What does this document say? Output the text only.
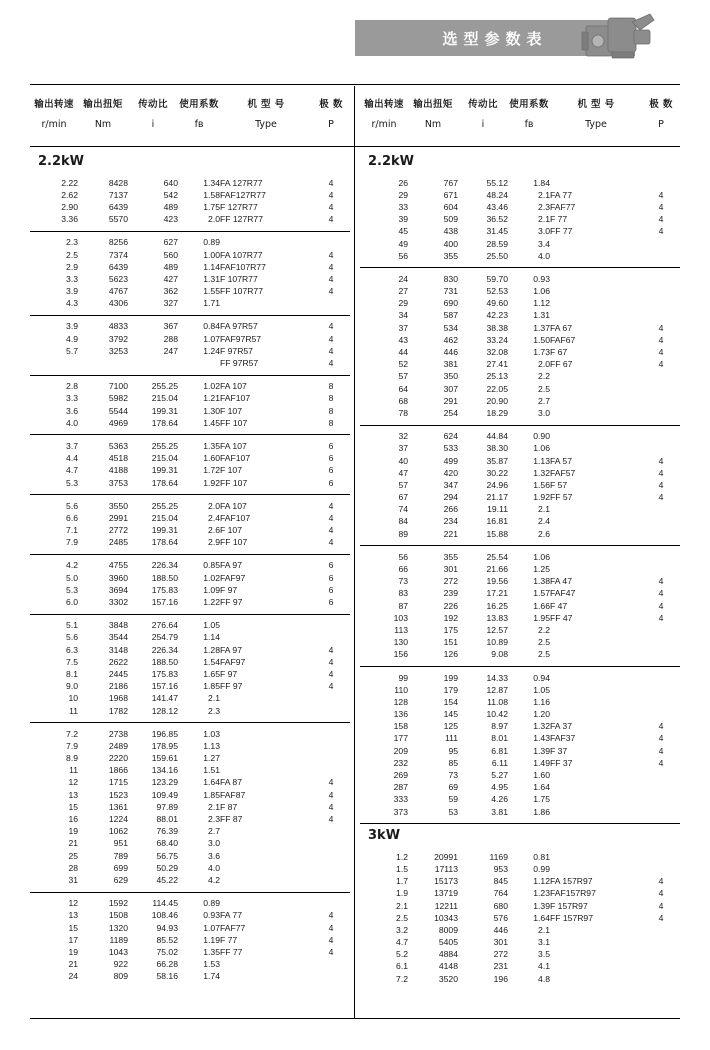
选型参数表
输出转速 输出扭矩	传动比	使用系数	机 型 号	极 数
r/min	Nm	i	fʙ	Type	P
输出转速 输出扭矩	传动比	使用系数	机 型 号	极 数
r/min	Nm	i	fʙ	Type	P
2.2kW
2.22	8428	640	1.34	FA 127R77	4
2.62	7137	542	1.58	FAF127R77	4
2.90	6439	489	1.75	F 127R77	4
3.36	5570	423	2.0	FF 127R77	4
2.3	8256	627	0.89		
2.5	7374	560	1.00	FA 107R77	4
2.9	6439	489	1.14	FAF107R77	4
3.3	5623	427	1.31	F 107R77	4
3.9	4767	362	1.55	FF 107R77	4
4.3	4306	327	1.71		
3.9	4833	367	0.84	FA 97R57	4
4.9	3792	288	1.07	FAF97R57	4
5.7	3253	247	1.24	F 97R57	4
				FF 97R57	4
2.8	7100	255.25	1.02	FA 107	8
3.3	5982	215.04	1.21	FAF107	8
3.6	5544	199.31	1.30	F 107	8
4.0	4969	178.64	1.45	FF 107	8
3.7	5363	255.25	1.35	FA 107	6
4.4	4518	215.04	1.60	FAF107	6
4.7	4188	199.31	1.72	F 107	6
5.3	3753	178.64	1.92	FF 107	6
5.6	3550	255.25	2.0	FA 107	4
6.6	2991	215.04	2.4	FAF107	4
7.1	2772	199.31	2.6	F 107	4
7.9	2485	178.64	2.9	FF 107	4
4.2	4755	226.34	0.85	FA 97	6
5.0	3960	188.50	1.02	FAF97	6
5.3	3694	175.83	1.09	F 97	6
6.0	3302	157.16	1.22	FF 97	6
5.1	3848	276.64	1.05		
5.6	3544	254.79	1.14		
6.3	3148	226.34	1.28	FA 97	4
7.5	2622	188.50	1.54	FAF97	4
8.1	2445	175.83	1.65	F 97	4
9.0	2186	157.16	1.85	FF 97	4
10	1968	141.47	2.1		
11	1782	128.12	2.3		
7.2	2738	196.85	1.03		
7.9	2489	178.95	1.13		
8.9	2220	159.61	1.27		
11	1866	134.16	1.51		
12	1715	123.29	1.64	FA 87	4
13	1523	109.49	1.85	FAF87	4
15	1361	97.89	2.1	F 87	4
16	1224	88.01	2.3	FF 87	4
19	1062	76.39	2.7		
21	951	68.40	3.0		
25	789	56.75	3.6		
28	699	50.29	4.0		
31	629	45.22	4.2		
12	1592	114.45	0.89		
13	1508	108.46	0.93	FA 77	4
15	1320	94.93	1.07	FAF77	4
17	1189	85.52	1.19	F 77	4
19	1043	75.02	1.35	FF 77	4
21	922	66.28	1.53		
24	809	58.16	1.74		
2.2kW
26	767	55.12	1.84		
29	671	48.24	2.1	FA 77	4
33	604	43.46	2.3	FAF77	4
39	509	36.52	2.1	F 77	4
45	438	31.45	3.0	FF 77	4
49	400	28.59	3.4		
56	355	25.50	4.0		
24	830	59.70	0.93		
27	731	52.53	1.06		
29	690	49.60	1.12		
34	587	42.23	1.31		
37	534	38.38	1.37	FA 67	4
43	462	33.24	1.50	FAF67	4
44	446	32.08	1.73	F 67	4
52	381	27.41	2.0	FF 67	4
57	350	25.13	2.2		
64	307	22.05	2.5		
68	291	20.90	2.7		
78	254	18.29	3.0		
32	624	44.84	0.90		
37	533	38.30	1.06		
40	499	35.87	1.13	FA 57	4
47	420	30.22	1.32	FAF57	4
57	347	24.96	1.56	F 57	4
67	294	21.17	1.92	FF 57	4
74	266	19.11	2.1		
84	234	16.81	2.4		
89	221	15.88	2.6		
56	355	25.54	1.06		
66	301	21.66	1.25		
73	272	19.56	1.38	FA 47	4
83	239	17.21	1.57	FAF47	4
87	226	16.25	1.66	F 47	4
103	192	13.83	1.95	FF 47	4
113	175	12.57	2.2		
130	151	10.89	2.5		
156	126	9.08	2.5		
99	199	14.33	0.94		
110	179	12.87	1.05		
128	154	11.08	1.16		
136	145	10.42	1.20		
158	125	8.97	1.32	FA 37	4
177	111	8.01	1.43	FAF37	4
209	95	6.81	1.39	F 37	4
232	85	6.11	1.49	FF 37	4
269	73	5.27	1.60		
287	69	4.95	1.64		
333	59	4.26	1.75		
373	53	3.81	1.86		
3kW
1.2	20991	1169	0.81		
1.5	17113	953	0.99		
1.7	15173	845	1.12	FA 157R97	4
1.9	13719	764	1.23	FAF157R97	4
2.1	12211	680	1.39	F 157R97	4
2.5	10343	576	1.64	FF 157R97	4
3.2	8009	446	2.1		
4.7	5405	301	3.1		
5.2	4884	272	3.5		
6.1	4148	231	4.1		
7.2	3520	196	4.8		
